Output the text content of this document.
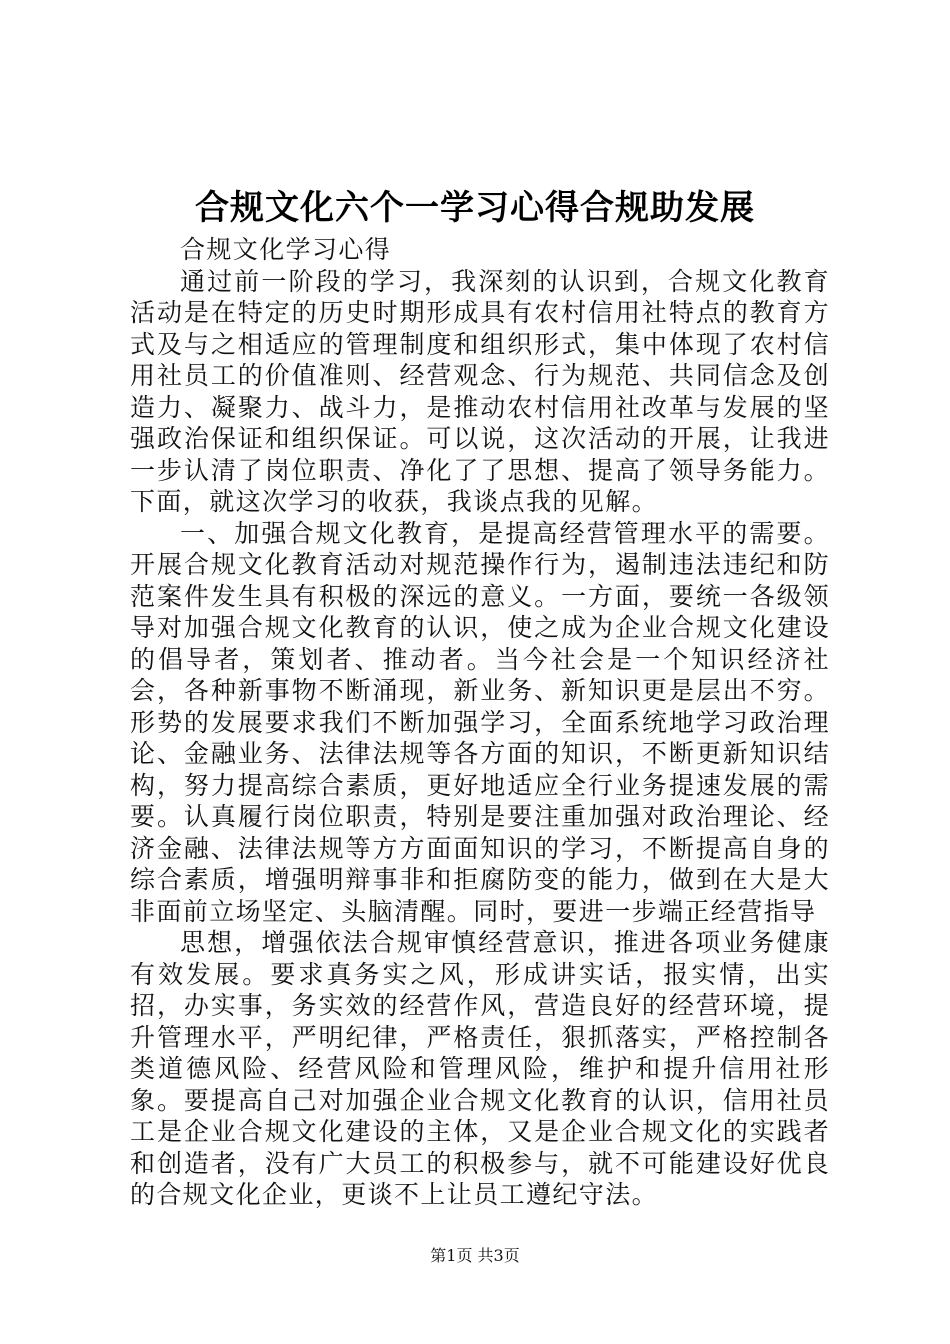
合规文化六个一学习心得合规助发展

合规文化学习心得

通过前一阶段的学习，我深刻的认识到，合规文化教育活动是在特定的历史时期形成具有农村信用社特点的教育方式及与之相适应的管理制度和组织形式，集中体现了农村信用社员工的价值准则、经营观念、行为规范、共同信念及创造力、凝聚力、战斗力，是推动农村信用社改革与发展的坚强政治保证和组织保证。可以说，这次活动的开展，让我进一步认清了岗位职责、净化了了思想、提高了领导务能力。下面，就这次学习的收获，我谈点我的见解。

一、加强合规文化教育，是提高经营管理水平的需要。开展合规文化教育活动对规范操作行为，遏制违法违纪和防范案件发生具有积极的深远的意义。一方面，要统一各级领导对加强合规文化教育的认识，使之成为企业合规文化建设的倡导者，策划者、推动者。当今社会是一个知识经济社会，各种新事物不断涌现，新业务、新知识更是层出不穷。形势的发展要求我们不断加强学习，全面系统地学习政治理论、金融业务、法律法规等各方面的知识，不断更新知识结构，努力提高综合素质，更好地适应全行业务提速发展的需要。认真履行岗位职责，特别是要注重加强对政治理论、经济金融、法律法规等方方面面知识的学习，不断提高自身的综合素质，增强明辩事非和拒腐防变的能力，做到在大是大非面前立场坚定、头脑清醒。同时，要进一步端正经营指导

思想，增强依法合规审慎经营意识，推进各项业务健康有效发展。要求真务实之风，形成讲实话，报实情，出实招，办实事，务实效的经营作风，营造良好的经营环境，提升管理水平，严明纪律，严格责任，狠抓落实，严格控制各类道德风险、经营风险和管理风险，维护和提升信用社形象。要提高自己对加强企业合规文化教育的认识，信用社员工是企业合规文化建设的主体，又是企业合规文化的实践者和创造者，没有广大员工的积极参与，就不可能建设好优良的合规文化企业，更谈不上让员工遵纪守法。

第1页 共3页
